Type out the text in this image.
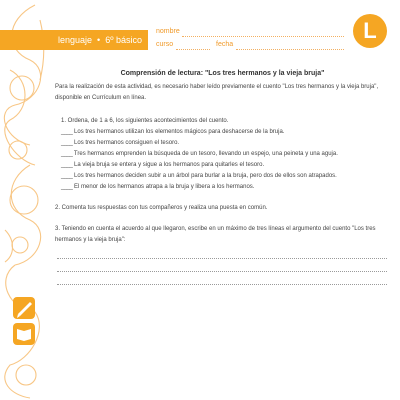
lenguaje • 6º básico
nombre
curso	fecha
L

Comprensión de lectura: "Los tres hermanos y la vieja bruja"

Para la realización de esta actividad, es necesario haber leído previamente el cuento "Los tres hermanos y la vieja bruja", disponible en Currículum en línea.

1. Ordena, de 1 a 6, los siguientes acontecimientos del cuento.

____ Los tres hermanos utilizan los elementos mágicos para deshacerse de la bruja.

____ Los tres hermanos consiguen el tesoro.

____ Tres hermanos emprenden la búsqueda de un tesoro, llevando un espejo, una peineta y una aguja.

____ La vieja bruja se entera y sigue a los hermanos para quitarles el tesoro.

____ Los tres hermanos deciden subir a un árbol para burlar a la bruja, pero dos de ellos son atrapados.

____ El menor de los hermanos atrapa a la bruja y libera a los hermanos.

2. Comenta tus respuestas con tus compañeros y realiza una puesta en común.

3. Teniendo en cuenta el acuerdo al que llegaron, escribe en un máximo de tres líneas el argumento del cuento "Los tres hermanos y la vieja bruja":
